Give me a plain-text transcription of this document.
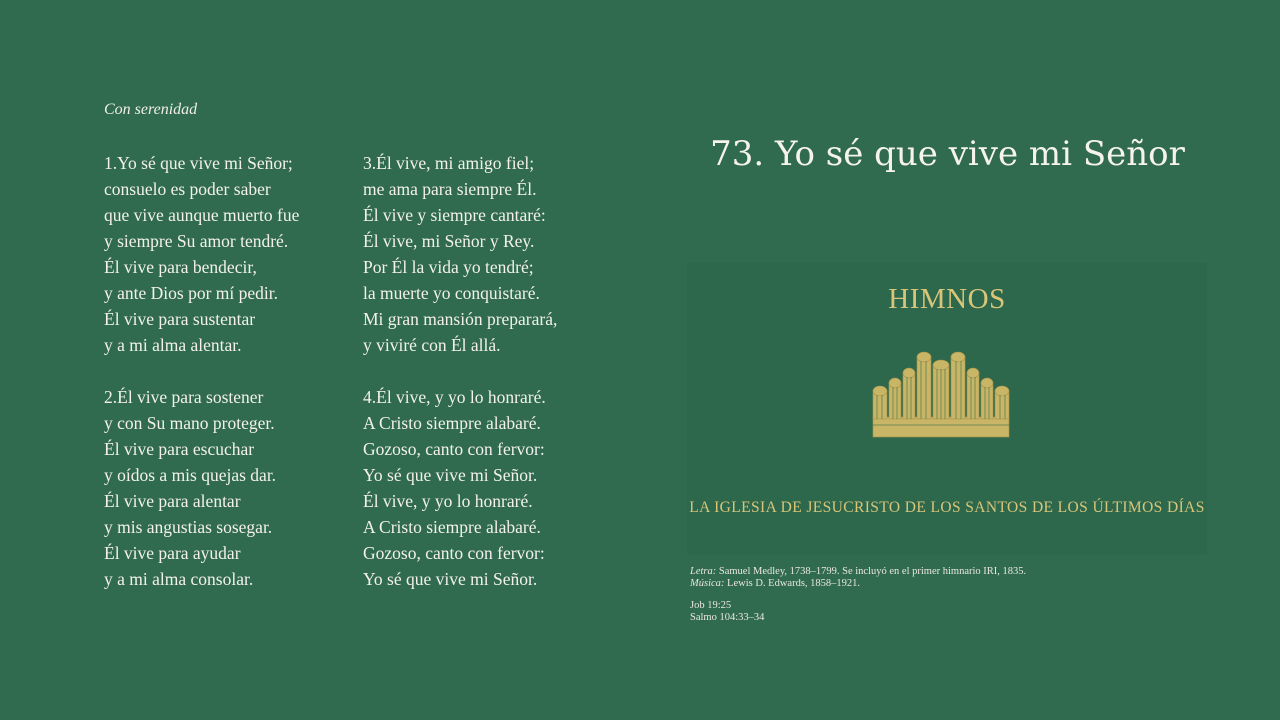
Con serenidad
1.Yo sé que vive mi Señor;
consuelo es poder saber
que vive aunque muerto fue
y siempre Su amor tendré.
Él vive para bendecir,
y ante Dios por mí pedir.
Él vive para sustentar
y a mi alma alentar.
2.Él vive para sostener
y con Su mano proteger.
Él vive para escuchar
y oídos a mis quejas dar.
Él vive para alentar
y mis angustias sosegar.
Él vive para ayudar
y a mi alma consolar.
3.Él vive, mi amigo fiel;
me ama para siempre Él.
Él vive y siempre cantaré:
Él vive, mi Señor y Rey.
Por Él la vida yo tendré;
la muerte yo conquistaré.
Mi gran mansión preparará,
y viviré con Él allá.
4.Él vive, y yo lo honraré.
A Cristo siempre alabaré.
Gozoso, canto con fervor:
Yo sé que vive mi Señor.
Él vive, y yo lo honraré.
A Cristo siempre alabaré.
Gozoso, canto con fervor:
Yo sé que vive mi Señor.
73. Yo sé que vive mi Señor
HIMNOS
LA IGLESIA DE JESUCRISTO DE LOS SANTOS DE LOS ÚLTIMOS DÍAS
Letra: Samuel Medley, 1738–1799. Se incluyó en el primer himnario IRI, 1835.
Música: Lewis D. Edwards, 1858–1921.
Job 19:25
Salmo 104:33–34
